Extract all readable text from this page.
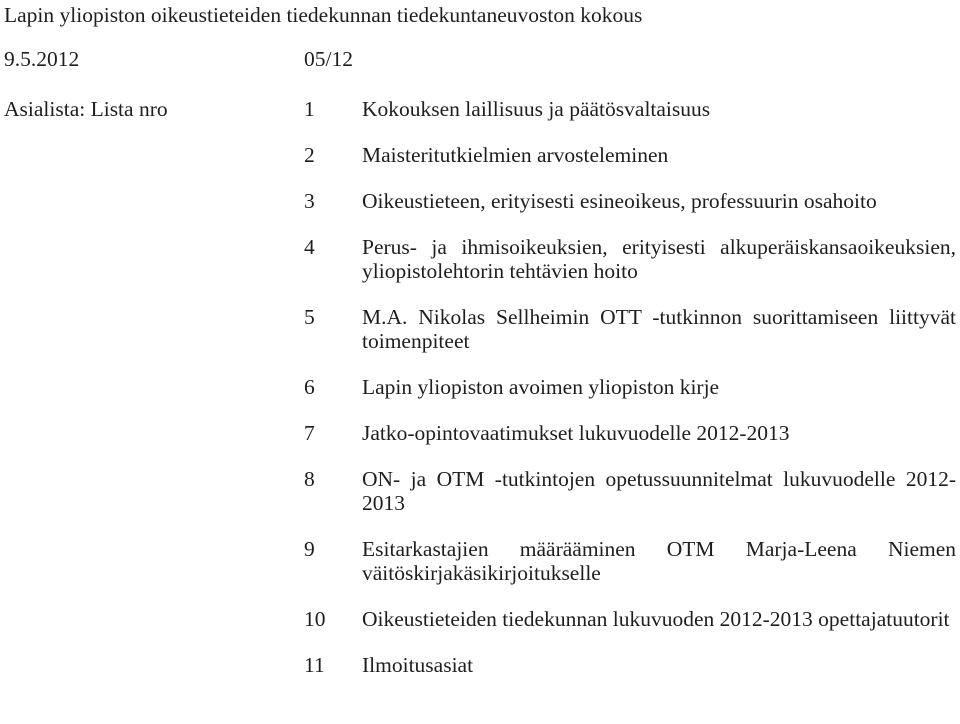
Lapin yliopiston oikeustieteiden tiedekunnan tiedekuntaneuvoston kokous
9.5.2012	05/12
Asialista: Lista nro	1	Kokouksen laillisuus ja päätösvaltaisuus
2	Maisteritutkielmien arvosteleminen
3	Oikeustieteen, erityisesti esineoikeus, professuurin osahoito
4	Perus- ja ihmisoikeuksien, erityisesti alkuperäiskansaoikeuksien, yliopistolehtorin tehtävien hoito
5	M.A. Nikolas Sellheimin OTT -tutkinnon suorittamiseen liittyvät toimenpiteet
6	Lapin yliopiston avoimen yliopiston kirje
7	Jatko-opintovaatimukset lukuvuodelle 2012-2013
8	ON- ja OTM -tutkintojen opetussuunnitelmat lukuvuodelle 2012-2013
9	Esitarkastajien määrääminen OTM Marja-Leena Niemen väitöskirjakäsikirjoitukselle
10	Oikeustieteiden tiedekunnan lukuvuoden 2012-2013 opettajatuutorit
11	Ilmoitusasiat
